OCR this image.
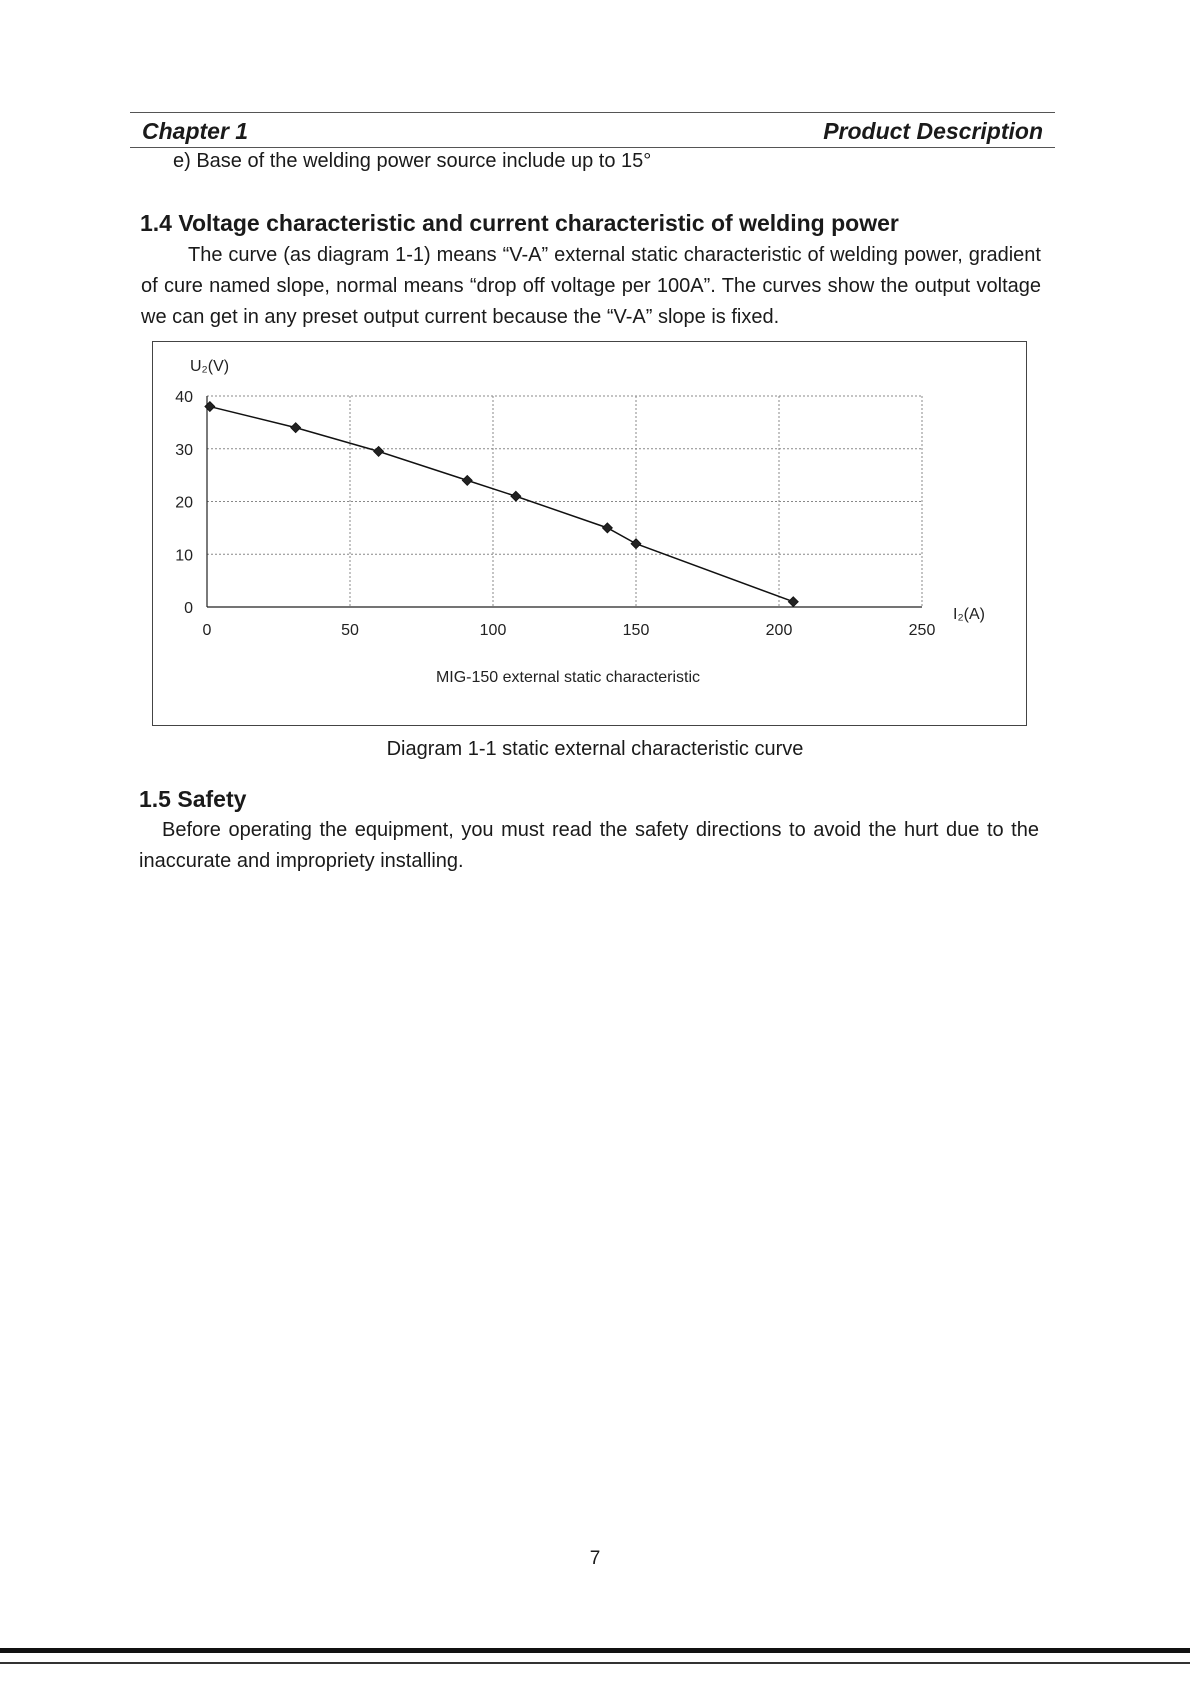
Chapter 1	Product Description
e) Base of the welding power source include up to 15°
1.4 Voltage characteristic and current characteristic of welding power
The curve (as diagram 1-1) means “V-A” external static characteristic of welding power, gradient of cure named slope, normal means “drop off voltage per 100A”. The curves show the output voltage we can get in any preset output current because the “V-A” slope is fixed.
0
10
20
30
40
0	50	100	150	200	250
U₂(V)
I₂(A)
MIG-150 external static characteristic
Diagram 1-1 static external characteristic curve
1.5 Safety
Before operating the equipment, you must read the safety directions to avoid the hurt due to the inaccurate and impropriety installing.
7
